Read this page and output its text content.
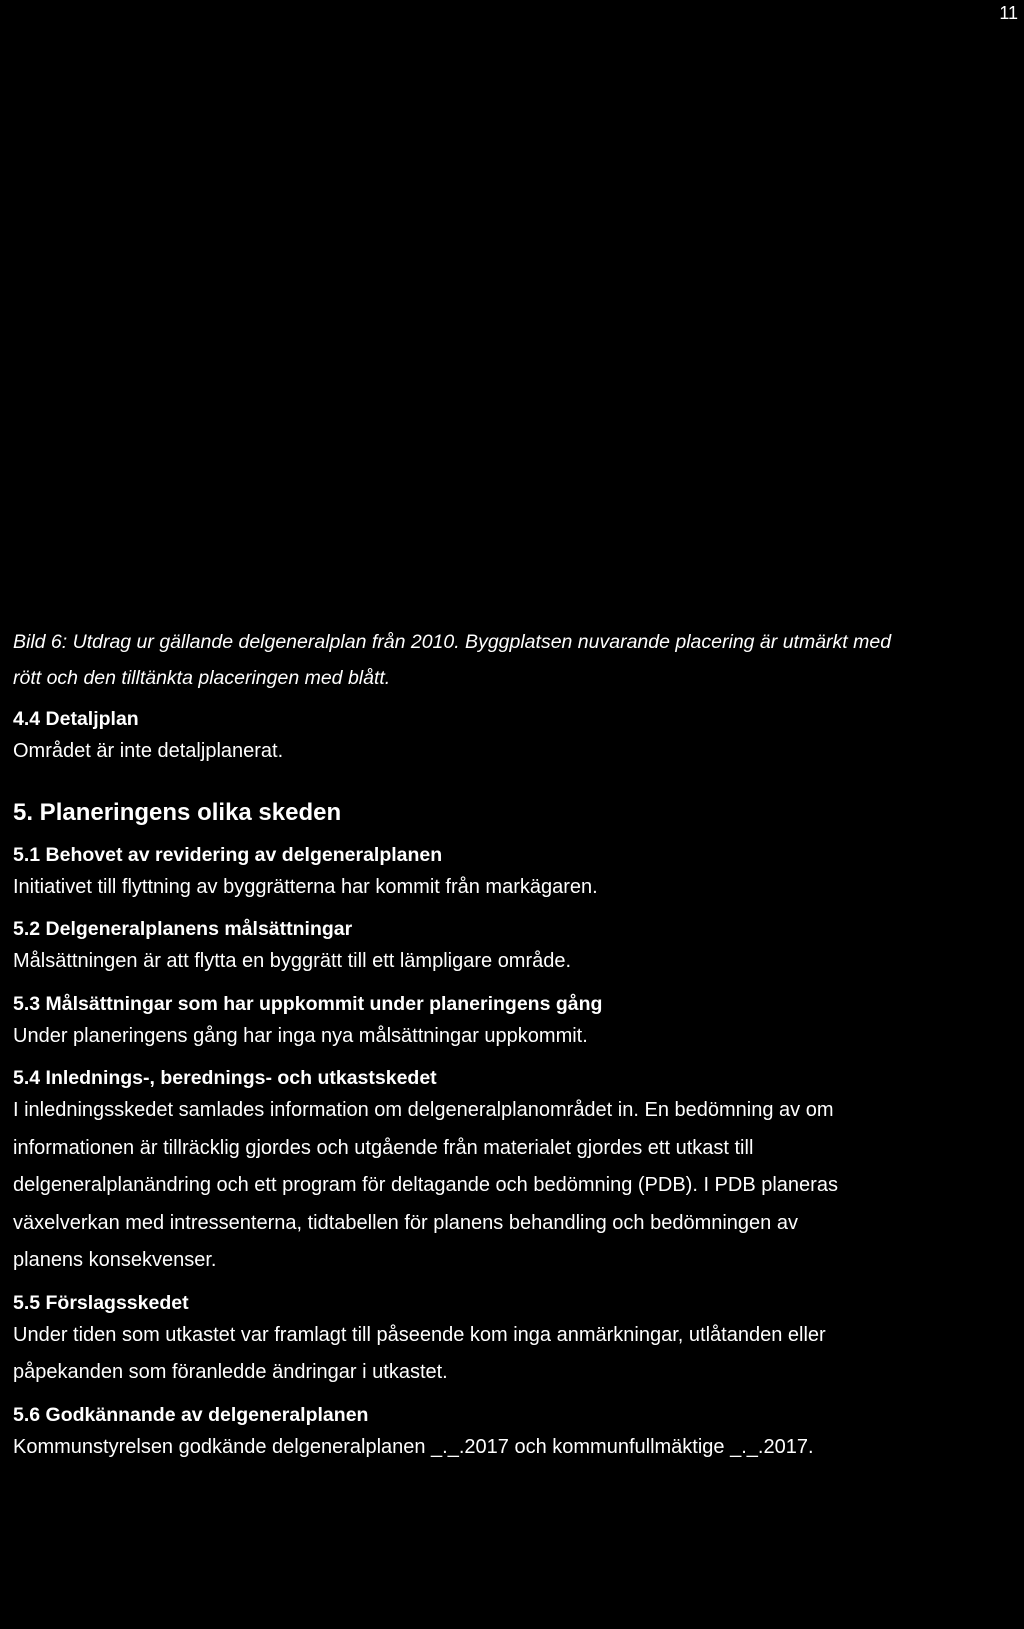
11
Bild 6: Utdrag ur gällande delgeneralplan från 2010. Byggplatsen nuvarande placering är utmärkt med
rött och den tilltänkta placeringen med blått.
4.4 Detaljplan

Området är inte detaljplanerat.

5. Planeringens olika skeden
5.1 Behovet av revidering av delgeneralplanen

Initiativet till flyttning av byggrätterna har kommit från markägaren.

5.2 Delgeneralplanens målsättningar

Målsättningen är att flytta en byggrätt till ett lämpligare område.

5.3 Målsättningar som har uppkommit under planeringens gång

Under planeringens gång har inga nya målsättningar uppkommit.

5.4 Inlednings-, berednings- och utkastskedet

I inledningsskedet samlades information om delgeneralplanområdet in. En bedömning av om

informationen är tillräcklig gjordes och utgående från materialet gjordes ett utkast till

delgeneralplanändring och ett program för deltagande och bedömning (PDB). I PDB planeras

växelverkan med intressenterna, tidtabellen för planens behandling och bedömningen av

planens konsekvenser.

5.5 Förslagsskedet

Under tiden som utkastet var framlagt till påseende kom inga anmärkningar, utlåtanden eller

påpekanden som föranledde ändringar i utkastet.

5.6 Godkännande av delgeneralplanen

Kommunstyrelsen godkände delgeneralplanen _._.2017 och kommunfullmäktige _._.2017.
